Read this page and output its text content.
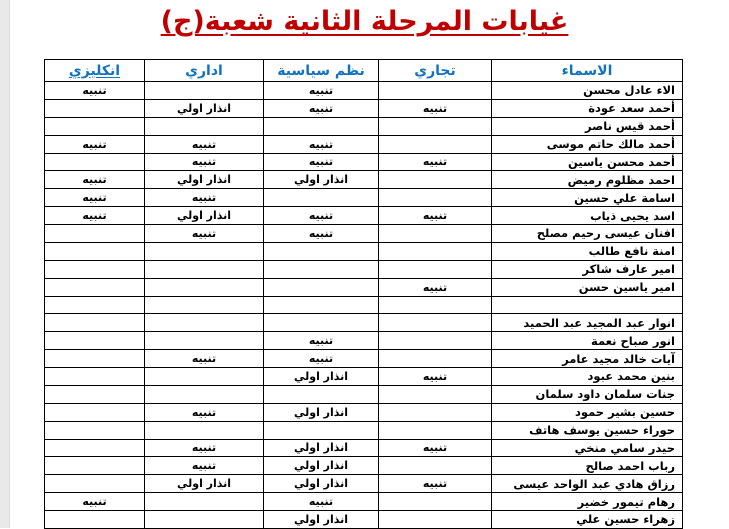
غيابات المرحلة الثانية شعبة(ج)
الاسماء	تجاري	نظم سياسية	اداري	انكليزي
الاء عادل محسن		تنبيه		تنبيه
أحمد سعد عودة	تنبيه	تنبيه	انذار اولي	
أحمد قيس ناصر				
أحمد مالك حاتم موسى		تنبيه	تنبيه	تنبيه
أحمد محسن ياسين	تنبيه	تنبيه	تنبيه	
احمد مظلوم رميض		انذار اولي	انذار اولي	تنبيه
اسامة علي حسين			تنبيه	تنبيه
اسد يحيى ذياب	تنبيه	تنبيه	انذار اولي	تنبيه
افنان عيسى رحيم مصلح		تنبيه	تنبيه	
امنة نافع طالب				
امير عارف شاكر				
امير ياسين حسن	تنبيه			

انوار عبد المجيد عبد الحميد				
انور صباح نعمة		تنبيه		
آيات خالد مجيد عامر		تنبيه	تنبيه	
بنين محمد عبود	تنبيه	انذار اولي		
جنات سلمان داود سلمان				
حسين بشير حمود		انذار اولي	تنبيه	
حوراء حسين يوسف هاتف				
حيدر سامي منخي	تنبيه	انذار اولي	تنبيه	
رباب احمد صالح		انذار اولي	تنبيه	
رزاق هادي عبد الواحد عيسى	تنبيه	انذار اولي	انذار اولي	
رهام تيمور خضير		تنبيه		تنبيه
زهراء حسين علي		انذار اولي		
